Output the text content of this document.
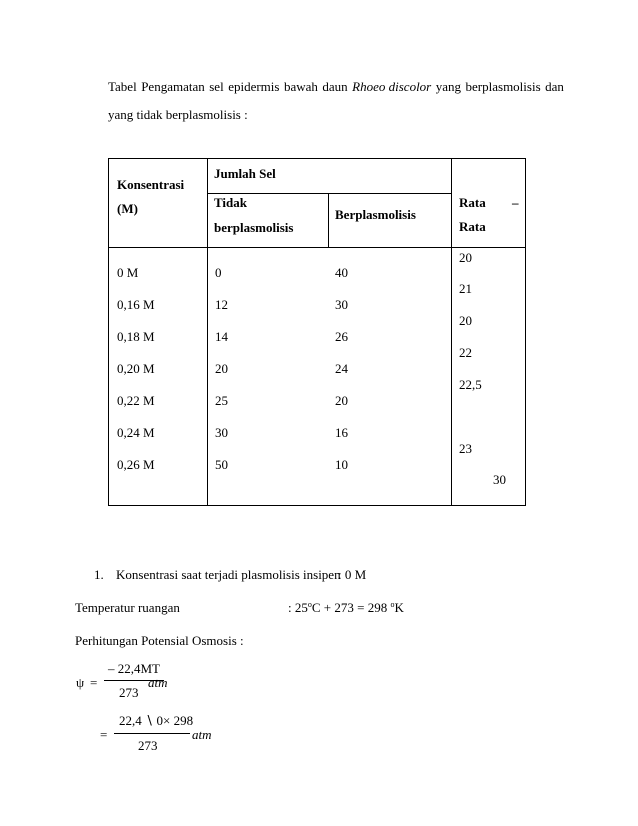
Tabel Pengamatan sel epidermis bawah daun Rhoeo discolor yang berplasmolisis dan
yang tidak berplasmolisis :
Konsentrasi
(M)
Jumlah Sel
Tidak
berplasmolisis
Berplasmolisis
Rata –
Rata
0 M
0,16 M
0,18 M
0,20 M
0,22 M
0,24 M
0,26 M
0
12
14
20
25
30
50
40
30
26
24
20
16
10
20
21
20
22
22,5
23
30
1. Konsentrasi saat terjadi plasmolisis insipen
: 0 M
Temperatur ruangan	: $25^oC + 273 = 298$ $^o$K
Perhitungan Potensial Osmosis :
ψ =
– 22,4MT
273
atm
=
22,4 ∖ 0× 298
273
atm
